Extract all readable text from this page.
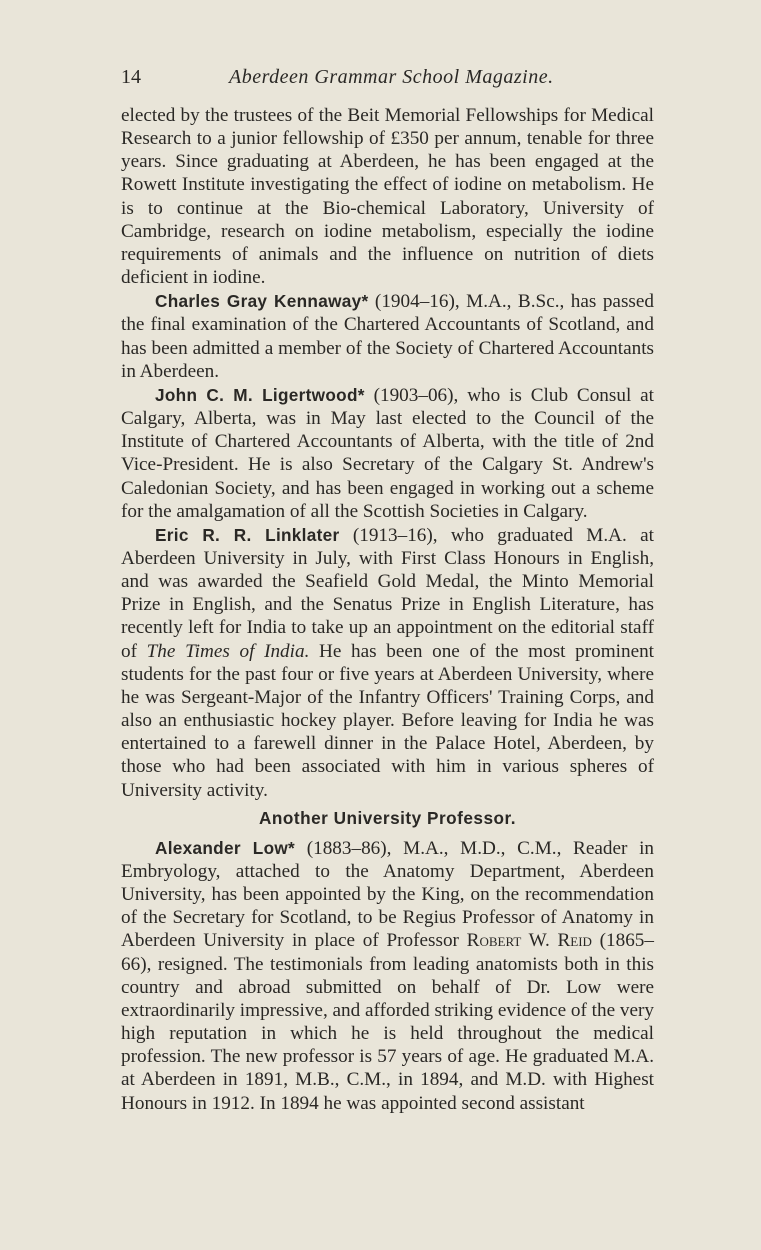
14	Aberdeen Grammar School Magazine.

elected by the trustees of the Beit Memorial Fellowships for Medical Research to a junior fellowship of £350 per annum, tenable for three years. Since graduating at Aberdeen, he has been engaged at the Rowett Institute investigating the effect of iodine on metabolism. He is to continue at the Bio-chemical Laboratory, University of Cambridge, research on iodine metabolism, especially the iodine requirements of animals and the influence on nutrition of diets deficient in iodine.

Charles Gray Kennaway* (1904–16), M.A., B.Sc., has passed the final examination of the Chartered Accountants of Scotland, and has been admitted a member of the Society of Chartered Accountants in Aberdeen.

John C. M. Ligertwood* (1903–06), who is Club Consul at Calgary, Alberta, was in May last elected to the Council of the Institute of Chartered Accountants of Alberta, with the title of 2nd Vice-President. He is also Secretary of the Calgary St. Andrew's Caledonian Society, and has been engaged in working out a scheme for the amalgamation of all the Scottish Societies in Calgary.

Eric R. R. Linklater (1913–16), who graduated M.A. at Aberdeen University in July, with First Class Honours in English, and was awarded the Seafield Gold Medal, the Minto Memorial Prize in English, and the Senatus Prize in English Literature, has recently left for India to take up an appointment on the editorial staff of The Times of India. He has been one of the most prominent students for the past four or five years at Aberdeen University, where he was Sergeant-Major of the Infantry Officers' Training Corps, and also an enthusiastic hockey player. Before leaving for India he was entertained to a farewell dinner in the Palace Hotel, Aberdeen, by those who had been associated with him in various spheres of University activity.

Another University Professor.

Alexander Low* (1883–86), M.A., M.D., C.M., Reader in Embryology, attached to the Anatomy Department, Aberdeen University, has been appointed by the King, on the recommendation of the Secretary for Scotland, to be Regius Professor of Anatomy in Aberdeen University in place of Professor Robert W. Reid (1865–66), resigned. The testimonials from leading anatomists both in this country and abroad submitted on behalf of Dr. Low were extraordinarily impressive, and afforded striking evidence of the very high reputation in which he is held throughout the medical profession. The new professor is 57 years of age. He graduated M.A. at Aberdeen in 1891, M.B., C.M., in 1894, and M.D. with Highest Honours in 1912. In 1894 he was appointed second assistant
